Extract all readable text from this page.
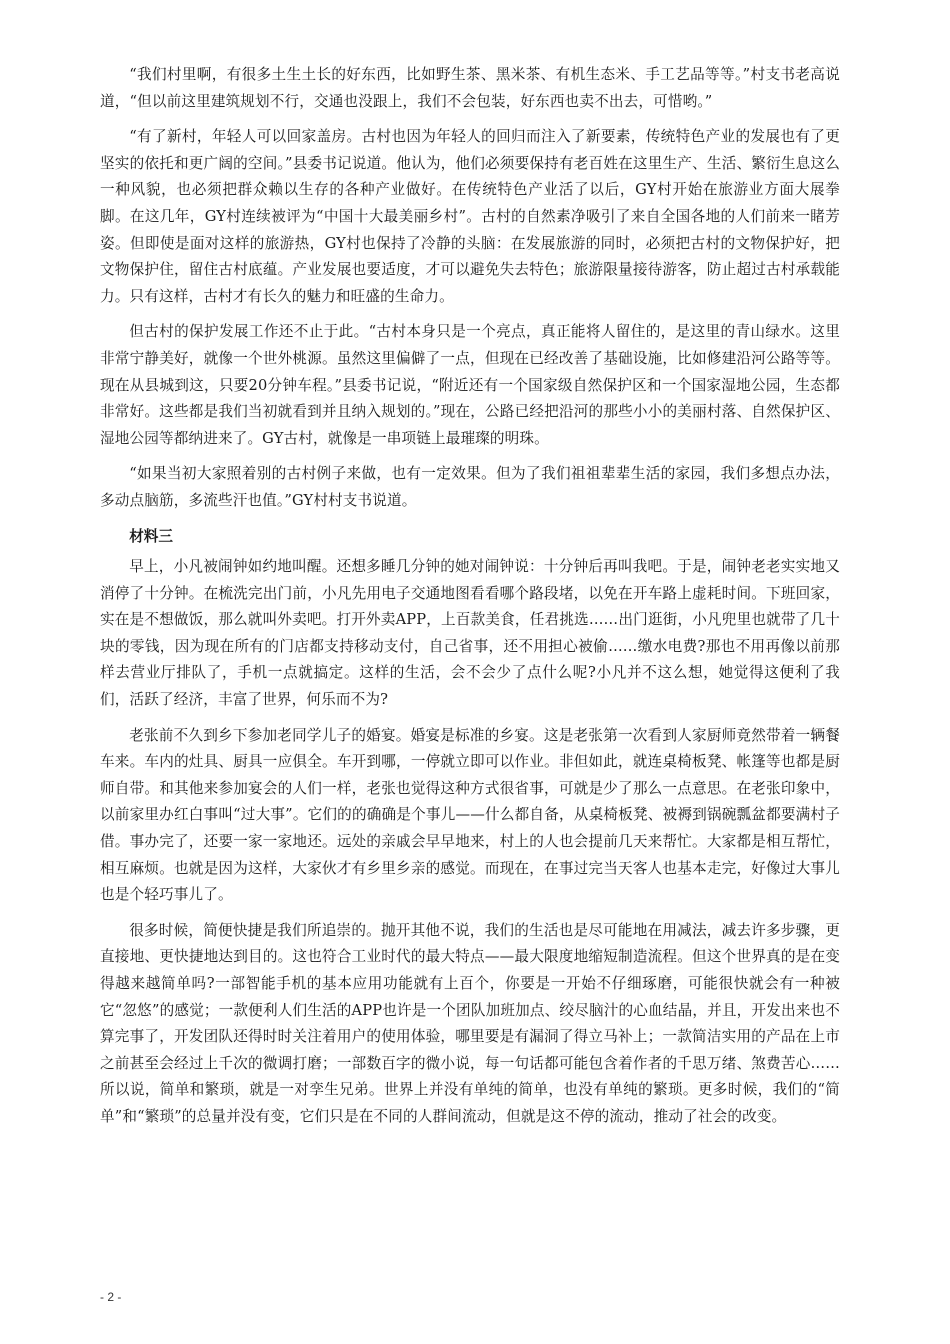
“我们村里啊，有很多土生土长的好东西，比如野生茶、黑米茶、有机生态米、手工艺品等等。”村支书老高说道，“但以前这里建筑规划不行，交通也没跟上，我们不会包装，好东西也卖不出去，可惜哟。”

“有了新村，年轻人可以回家盖房。古村也因为年轻人的回归而注入了新要素，传统特色产业的发展也有了更坚实的依托和更广阔的空间。”县委书记说道。他认为，他们必须要保持有老百姓在这里生产、生活、繁衍生息这么一种风貌，也必须把群众赖以生存的各种产业做好。在传统特色产业活了以后，GY村开始在旅游业方面大展拳脚。在这几年，GY村连续被评为“中国十大最美丽乡村”。古村的自然素净吸引了来自全国各地的人们前来一睹芳姿。但即使是面对这样的旅游热，GY村也保持了冷静的头脑：在发展旅游的同时，必须把古村的文物保护好，把文物保护住，留住古村底蕴。产业发展也要适度，才可以避免失去特色；旅游限量接待游客，防止超过古村承载能力。只有这样，古村才有长久的魅力和旺盛的生命力。

但古村的保护发展工作还不止于此。“古村本身只是一个亮点，真正能将人留住的，是这里的青山绿水。这里非常宁静美好，就像一个世外桃源。虽然这里偏僻了一点，但现在已经改善了基础设施，比如修建沿河公路等等。现在从县城到这，只要20分钟车程。”县委书记说，“附近还有一个国家级自然保护区和一个国家湿地公园，生态都非常好。这些都是我们当初就看到并且纳入规划的。”现在，公路已经把沿河的那些小小的美丽村落、自然保护区、湿地公园等都纳进来了。GY古村，就像是一串项链上最璀璨的明珠。

“如果当初大家照着别的古村例子来做，也有一定效果。但为了我们祖祖辈辈生活的家园，我们多想点办法，多动点脑筋，多流些汗也值。”GY村村支书说道。

材料三

早上，小凡被闹钟如约地叫醒。还想多睡几分钟的她对闹钟说：十分钟后再叫我吧。于是，闹钟老老实实地又消停了十分钟。在梳洗完出门前，小凡先用电子交通地图看看哪个路段堵，以免在开车路上虚耗时间。下班回家，实在是不想做饭，那么就叫外卖吧。打开外卖APP，上百款美食，任君挑选……出门逛街，小凡兜里也就带了几十块的零钱，因为现在所有的门店都支持移动支付，自己省事，还不用担心被偷……缴水电费?那也不用再像以前那样去营业厅排队了，手机一点就搞定。这样的生活，会不会少了点什么呢?小凡并不这么想，她觉得这便利了我们，活跃了经济，丰富了世界，何乐而不为?

老张前不久到乡下参加老同学儿子的婚宴。婚宴是标准的乡宴。这是老张第一次看到人家厨师竟然带着一辆餐车来。车内的灶具、厨具一应俱全。车开到哪，一停就立即可以作业。非但如此，就连桌椅板凳、帐篷等也都是厨师自带。和其他来参加宴会的人们一样，老张也觉得这种方式很省事，可就是少了那么一点意思。在老张印象中，以前家里办红白事叫“过大事”。它们的的确确是个事儿——什么都自备，从桌椅板凳、被褥到锅碗瓢盆都要满村子借。事办完了，还要一家一家地还。远处的亲戚会早早地来，村上的人也会提前几天来帮忙。大家都是相互帮忙，相互麻烦。也就是因为这样，大家伙才有乡里乡亲的感觉。而现在，在事过完当天客人也基本走完，好像过大事儿也是个轻巧事儿了。

很多时候，简便快捷是我们所追崇的。抛开其他不说，我们的生活也是尽可能地在用减法，减去许多步骤，更直接地、更快捷地达到目的。这也符合工业时代的最大特点——最大限度地缩短制造流程。但这个世界真的是在变得越来越简单吗?一部智能手机的基本应用功能就有上百个，你要是一开始不仔细琢磨，可能很快就会有一种被它“忽悠”的感觉；一款便利人们生活的APP也许是一个团队加班加点、绞尽脑汁的心血结晶，并且，开发出来也不算完事了，开发团队还得时时关注着用户的使用体验，哪里要是有漏洞了得立马补上；一款简洁实用的产品在上市之前甚至会经过上千次的微调打磨；一部数百字的微小说，每一句话都可能包含着作者的千思万绪、煞费苦心……所以说，简单和繁琐，就是一对孪生兄弟。世界上并没有单纯的简单，也没有单纯的繁琐。更多时候，我们的“简单”和“繁琐”的总量并没有变，它们只是在不同的人群间流动，但就是这不停的流动，推动了社会的改变。

- 2 -
